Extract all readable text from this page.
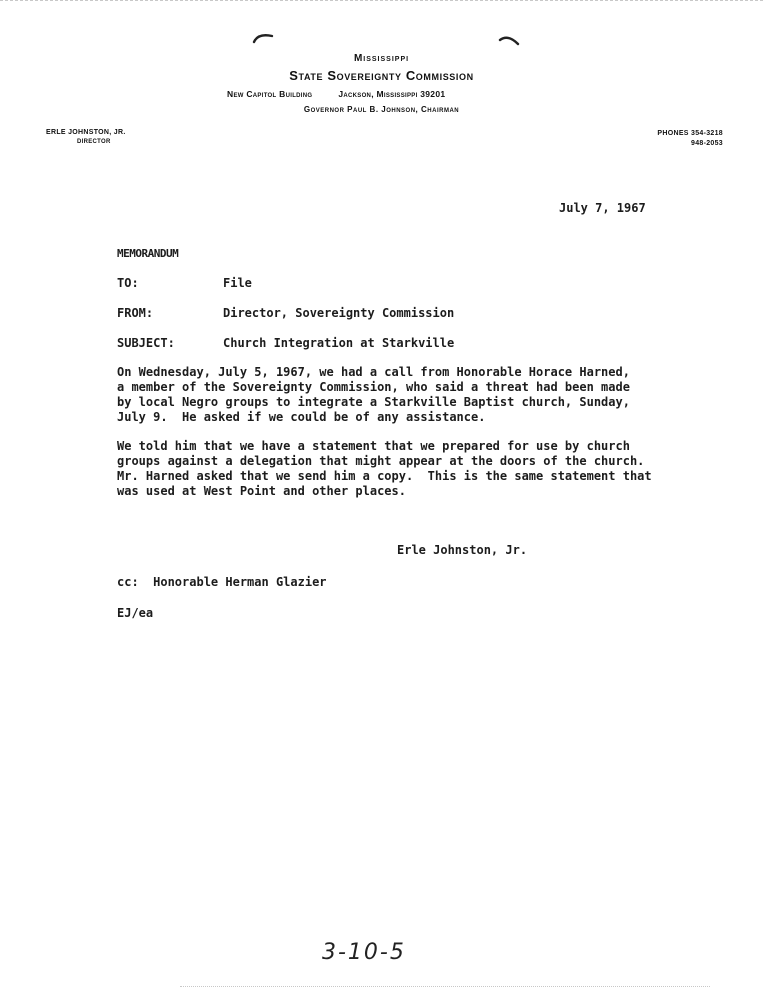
Mississippi
State Sovereignty Commission
New Capitol Building	Jackson, Mississippi 39201
Governor Paul B. Johnson, Chairman
ERLE JOHNSTON, JR.
DIRECTOR
PHONES 354-3218
948-2053
July 7, 1967
MEMORANDUM
TO:	File
FROM:	Director, Sovereignty Commission
SUBJECT:	Church Integration at Starkville
On Wednesday, July 5, 1967, we had a call from Honorable Horace Harned,
a member of the Sovereignty Commission, who said a threat had been made
by local Negro groups to integrate a Starkville Baptist church, Sunday,
July 9.  He asked if we could be of any assistance.
We told him that we have a statement that we prepared for use by church
groups against a delegation that might appear at the doors of the church.
Mr. Harned asked that we send him a copy.  This is the same statement that
was used at West Point and other places.
Erle Johnston, Jr.
cc:  Honorable Herman Glazier
EJ/ea
3-10-5
